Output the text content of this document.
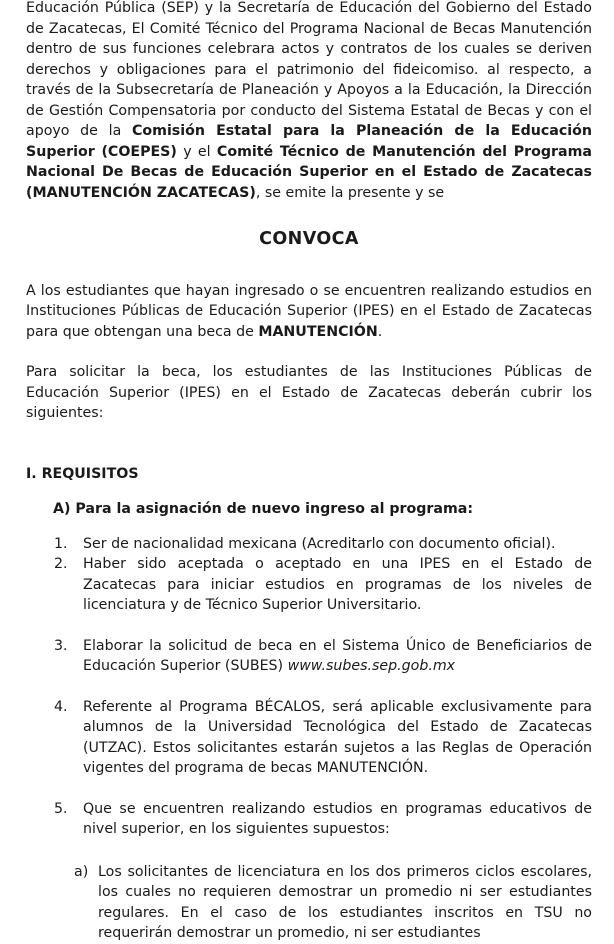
Educación Pública (SEP) y la Secretaría de Educación del Gobierno del Estado de Zacatecas, El Comité Técnico del Programa Nacional de Becas Manutención dentro de sus funciones celebrara actos y contratos de los cuales se deriven derechos y obligaciones para el patrimonio del fideicomiso. al respecto, a través de la Subsecretaría de Planeación y Apoyos a la Educación, la Dirección de Gestión Compensatoria por conducto del Sistema Estatal de Becas y con el apoyo de la Comisión Estatal para la Planeación de la Educación Superior (COEPES) y el Comité Técnico de Manutención del Programa Nacional De Becas de Educación Superior en el Estado de Zacatecas (MANUTENCIÓN ZACATECAS), se emite la presente y se

CONVOCA

A los estudiantes que hayan ingresado o se encuentren realizando estudios en Instituciones Públicas de Educación Superior (IPES) en el Estado de Zacatecas para que obtengan una beca de MANUTENCIÓN.

Para solicitar la beca, los estudiantes de las Instituciones Públicas de Educación Superior (IPES) en el Estado de Zacatecas deberán cubrir los siguientes:

I. REQUISITOS

A) Para la asignación de nuevo ingreso al programa:

1. Ser de nacionalidad mexicana (Acreditarlo con documento oficial).
2. Haber sido aceptada o aceptado en una IPES en el Estado de Zacatecas para iniciar estudios en programas de los niveles de licenciatura y de Técnico Superior Universitario.
3. Elaborar la solicitud de beca en el Sistema Único de Beneficiarios de Educación Superior (SUBES) www.subes.sep.gob.mx
4. Referente al Programa BÉCALOS, será aplicable exclusivamente para alumnos de la Universidad Tecnológica del Estado de Zacatecas (UTZAC). Estos solicitantes estarán sujetos a las Reglas de Operación vigentes del programa de becas MANUTENCIÓN.
5. Que se encuentren realizando estudios en programas educativos de nivel superior, en los siguientes supuestos:

a) Los solicitantes de licenciatura en los dos primeros ciclos escolares, los cuales no requieren demostrar un promedio ni ser estudiantes regulares. En el caso de los estudiantes inscritos en TSU no requerirán demostrar un promedio, ni ser estudiantes
